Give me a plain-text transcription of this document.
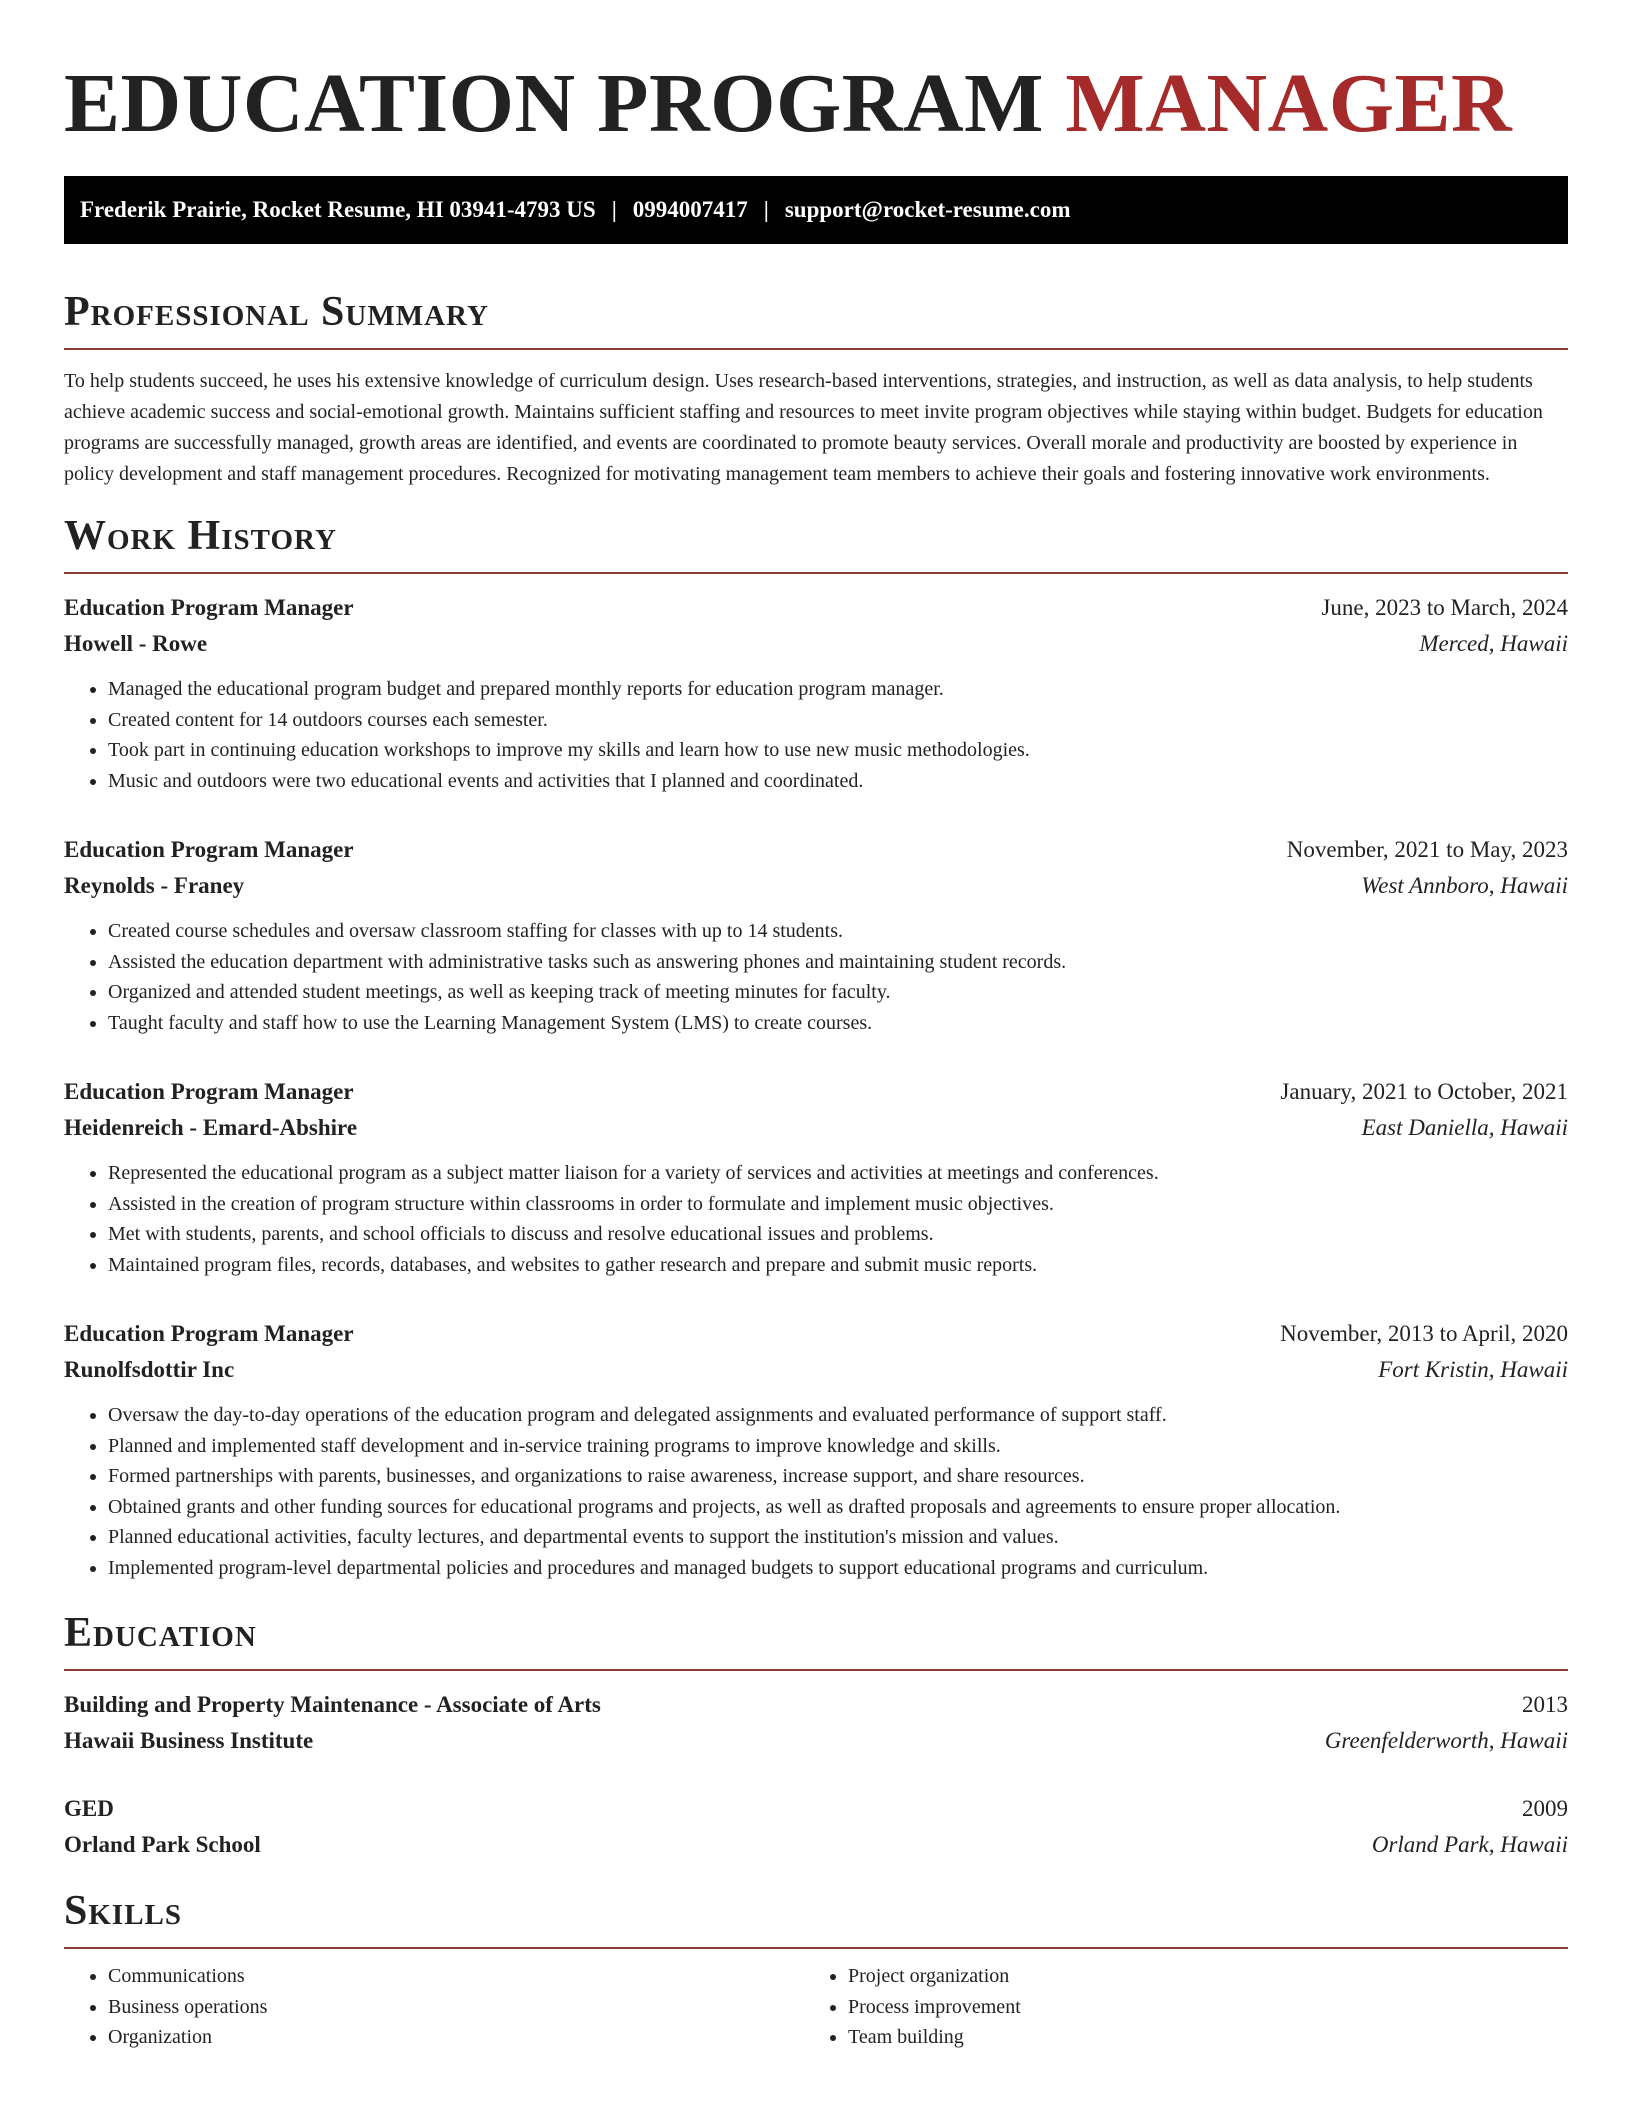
EDUCATION PROGRAM MANAGER
Frederik Prairie, Rocket Resume, HI 03941-4793 US | 0994007417 | support@rocket-resume.com
Professional Summary

To help students succeed, he uses his extensive knowledge of curriculum design. Uses research-based interventions, strategies, and instruction, as well as data analysis, to help students achieve academic success and social-emotional growth. Maintains sufficient staffing and resources to meet invite program objectives while staying within budget. Budgets for education programs are successfully managed, growth areas are identified, and events are coordinated to promote beauty services. Overall morale and productivity are boosted by experience in policy development and staff management procedures. Recognized for motivating management team members to achieve their goals and fostering innovative work environments.

Work History
Education Program Manager	June, 2023 to March, 2024
Howell - Rowe	Merced, Hawaii
• Managed the educational program budget and prepared monthly reports for education program manager.
• Created content for 14 outdoors courses each semester.
• Took part in continuing education workshops to improve my skills and learn how to use new music methodologies.
• Music and outdoors were two educational events and activities that I planned and coordinated.
Education Program Manager	November, 2021 to May, 2023
Reynolds - Franey	West Annboro, Hawaii
• Created course schedules and oversaw classroom staffing for classes with up to 14 students.
• Assisted the education department with administrative tasks such as answering phones and maintaining student records.
• Organized and attended student meetings, as well as keeping track of meeting minutes for faculty.
• Taught faculty and staff how to use the Learning Management System (LMS) to create courses.
Education Program Manager	January, 2021 to October, 2021
Heidenreich - Emard-Abshire	East Daniella, Hawaii
• Represented the educational program as a subject matter liaison for a variety of services and activities at meetings and conferences.
• Assisted in the creation of program structure within classrooms in order to formulate and implement music objectives.
• Met with students, parents, and school officials to discuss and resolve educational issues and problems.
• Maintained program files, records, databases, and websites to gather research and prepare and submit music reports.
Education Program Manager	November, 2013 to April, 2020
Runolfsdottir Inc	Fort Kristin, Hawaii
• Oversaw the day-to-day operations of the education program and delegated assignments and evaluated performance of support staff.
• Planned and implemented staff development and in-service training programs to improve knowledge and skills.
• Formed partnerships with parents, businesses, and organizations to raise awareness, increase support, and share resources.
• Obtained grants and other funding sources for educational programs and projects, as well as drafted proposals and agreements to ensure proper allocation.
• Planned educational activities, faculty lectures, and departmental events to support the institution's mission and values.
• Implemented program-level departmental policies and procedures and managed budgets to support educational programs and curriculum.
Education
Building and Property Maintenance - Associate of Arts	2013
Hawaii Business Institute	Greenfelderworth, Hawaii
GED	2009
Orland Park School	Orland Park, Hawaii
Skills
• Communications
• Business operations
• Organization
• Project organization
• Process improvement
• Team building
